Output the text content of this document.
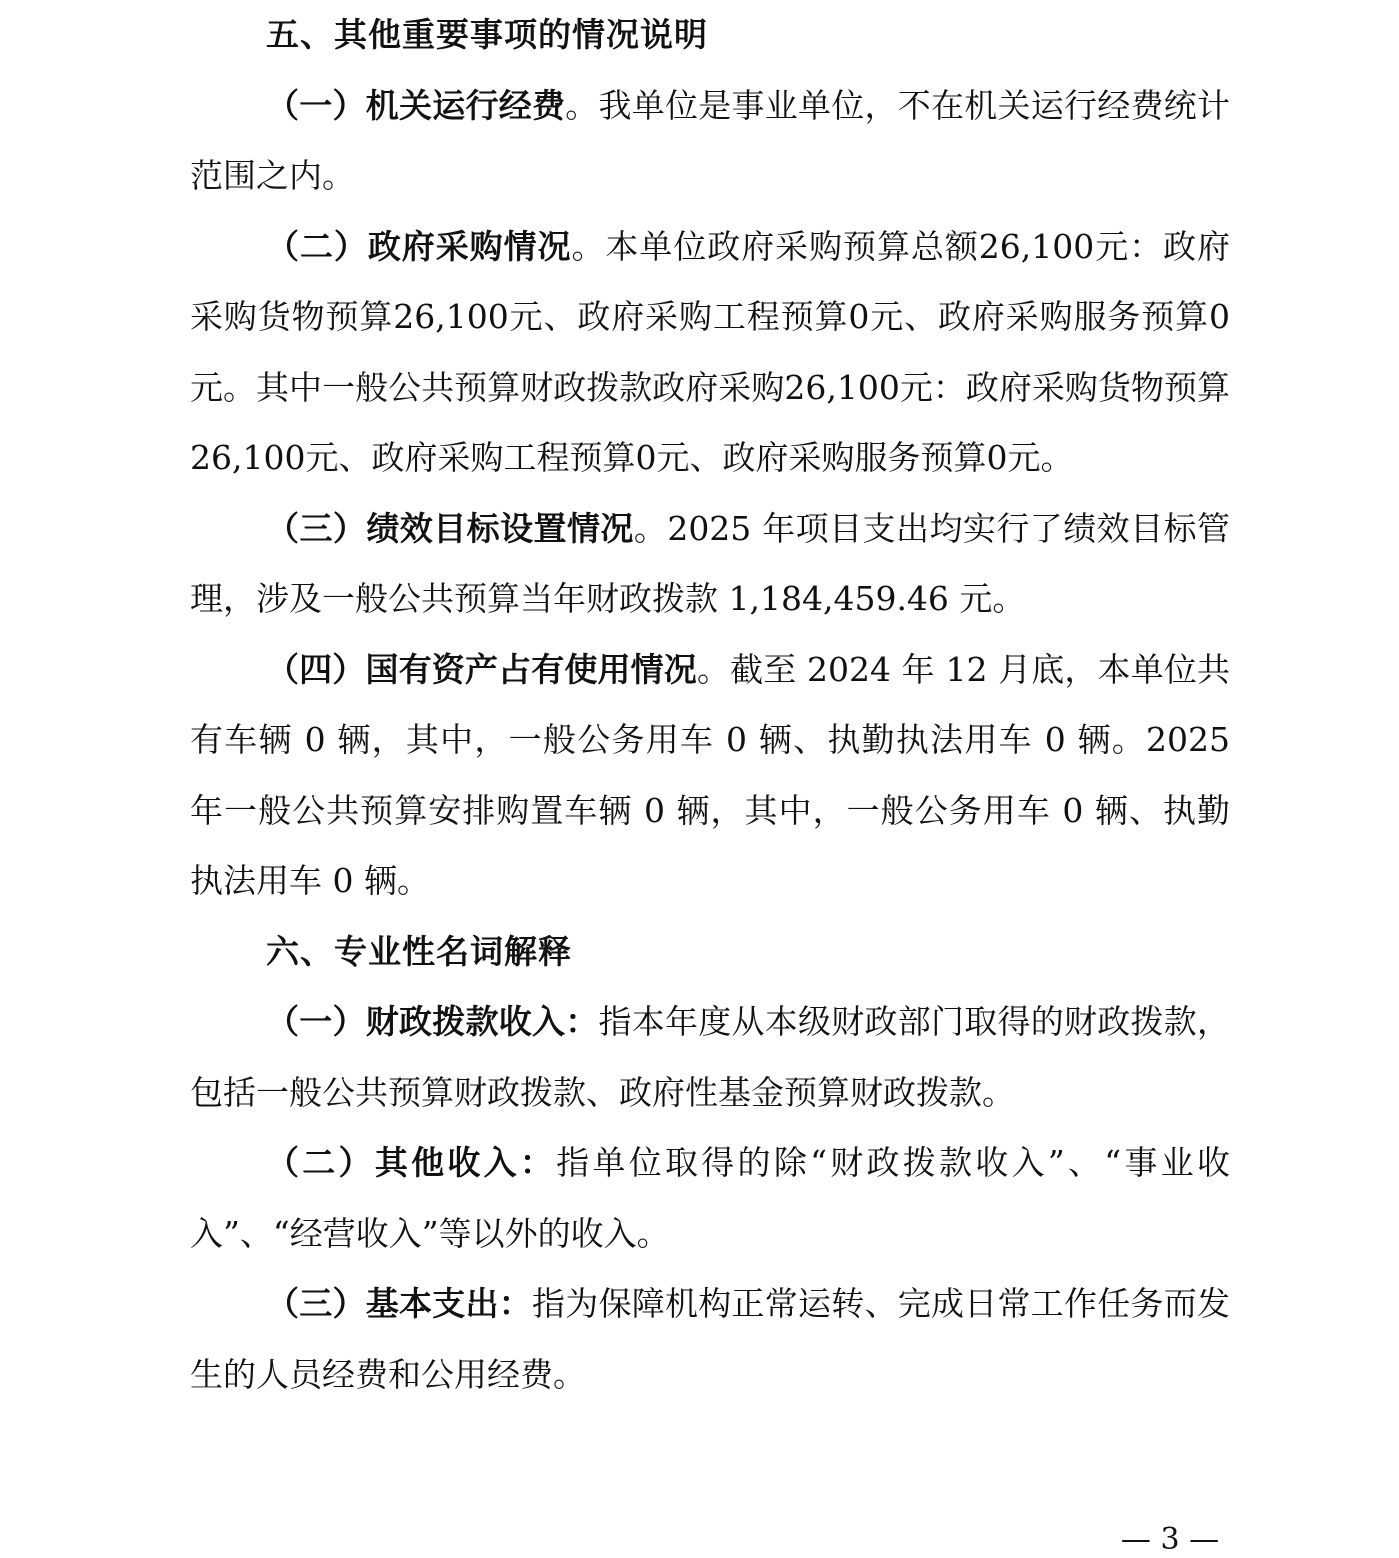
五、其他重要事项的情况说明

（一）机关运行经费。我单位是事业单位，不在机关运行经费统计范围之内。

（二）政府采购情况。本单位政府采购预算总额26,100元：政府采购货物预算26,100元、政府采购工程预算0元、政府采购服务预算0元。其中一般公共预算财政拨款政府采购26,100元：政府采购货物预算26,100元、政府采购工程预算0元、政府采购服务预算0元。

（三）绩效目标设置情况。2025 年项目支出均实行了绩效目标管理，涉及一般公共预算当年财政拨款 1,184,459.46 元。

（四）国有资产占有使用情况。截至 2024 年 12 月底，本单位共有车辆 0 辆，其中，一般公务用车 0 辆、执勤执法用车 0 辆。2025 年一般公共预算安排购置车辆 0 辆，其中，一般公务用车 0 辆、执勤执法用车 0 辆。

六、专业性名词解释

（一）财政拨款收入：指本年度从本级财政部门取得的财政拨款，包括一般公共预算财政拨款、政府性基金预算财政拨款。

（二）其他收入：指单位取得的除“财政拨款收入”、“事业收入”、“经营收入”等以外的收入。

（三）基本支出：指为保障机构正常运转、完成日常工作任务而发生的人员经费和公用经费。

— 3 —
